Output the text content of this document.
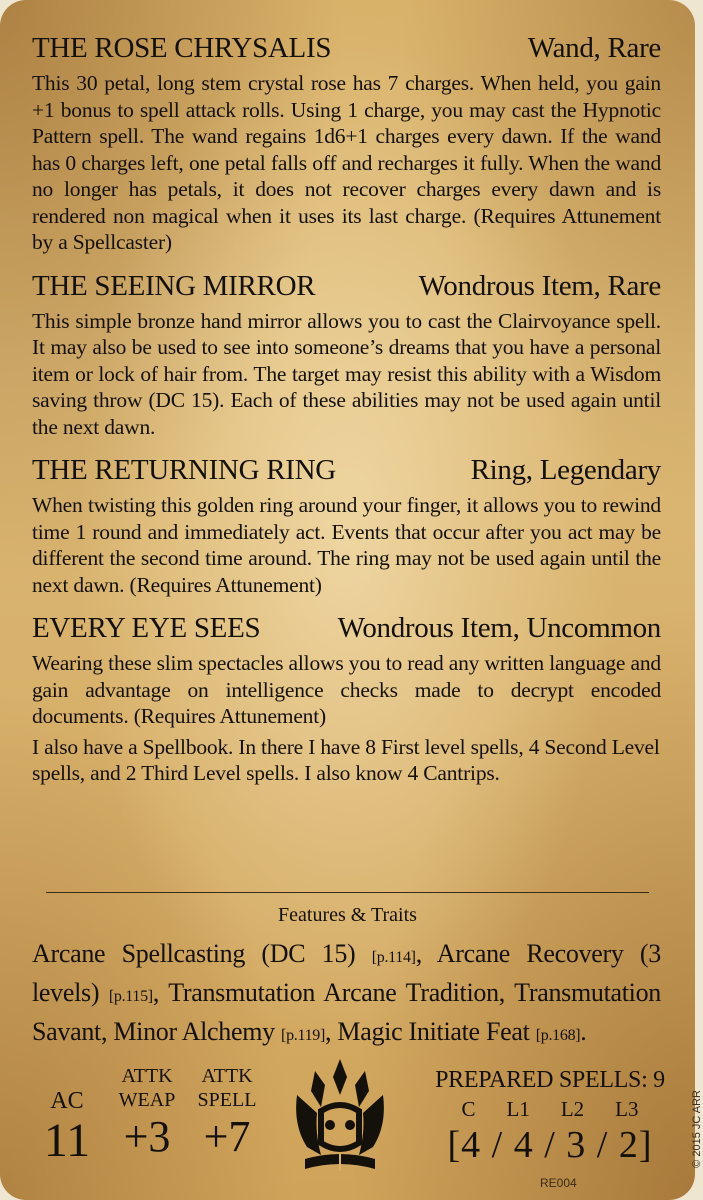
THE ROSE CHRYSALIS	Wand, Rare

This 30 petal, long stem crystal rose has 7 charges. When held, you gain +1 bonus to spell attack rolls. Using 1 charge, you may cast the Hypnotic Pattern spell. The wand regains 1d6+1 charges every dawn. If the wand has 0 charges left, one petal falls off and recharges it fully. When the wand no longer has petals, it does not recover charges every dawn and is rendered non magical when it uses its last charge. (Requires Attunement by a Spellcaster)

THE SEEING MIRROR	Wondrous Item, Rare

This simple bronze hand mirror allows you to cast the Clairvoyance spell. It may also be used to see into someone’s dreams that you have a personal item or lock of hair from. The target may resist this ability with a Wisdom saving throw (DC 15). Each of these abilities may not be used again until the next dawn.

THE RETURNING RING	Ring, Legendary

When twisting this golden ring around your finger, it allows you to rewind time 1 round and immediately act. Events that occur after you act may be different the second time around. The ring may not be used again until the next dawn. (Requires Attunement)

EVERY EYE SEES	Wondrous Item, Uncommon

Wearing these slim spectacles allows you to read any written language and gain advantage on intelligence checks made to decrypt encoded documents. (Requires Attunement)

I also have a Spellbook. In there I have 8 First level spells, 4 Second Level spells, and 2 Third Level spells. I also know 4 Cantrips.

Features & Traits
Arcane Spellcasting (DC 15) [p.114], Arcane Recovery (3 levels) [p.115], Transmutation Arcane Tradition, Transmutation Savant, Minor Alchemy [p.119], Magic Initiate Feat [p.168].
AC
11
ATTK
WEAP
+3
ATTK
SPELL
+7
PREPARED SPELLS: 9
C L1 L2 L3
[4 / 4 / 3 / 2]
RE004
© 2015 JC ARR
